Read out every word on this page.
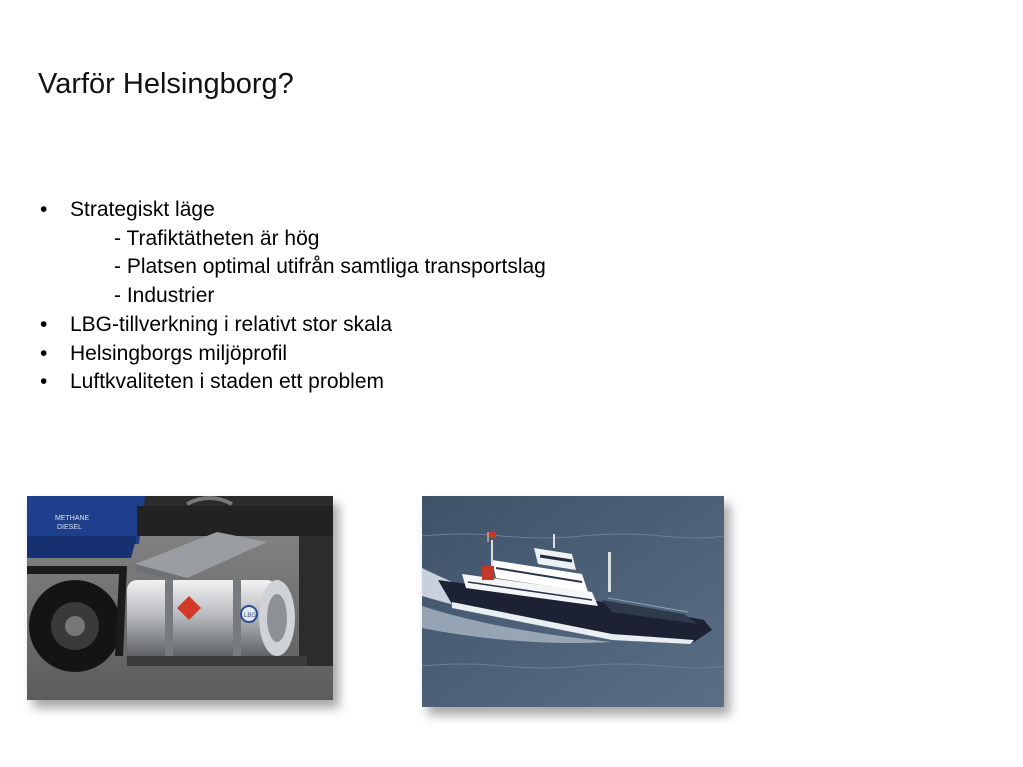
Varför Helsingborg?
• Strategiskt läge
- Trafiktätheten är hög
- Platsen optimal utifrån samtliga transportslag
- Industrier
• LBG-tillverkning i relativt stor skala
• Helsingborgs miljöprofil
• Luftkvaliteten i staden ett problem
METHANE
DIESEL
LBG
